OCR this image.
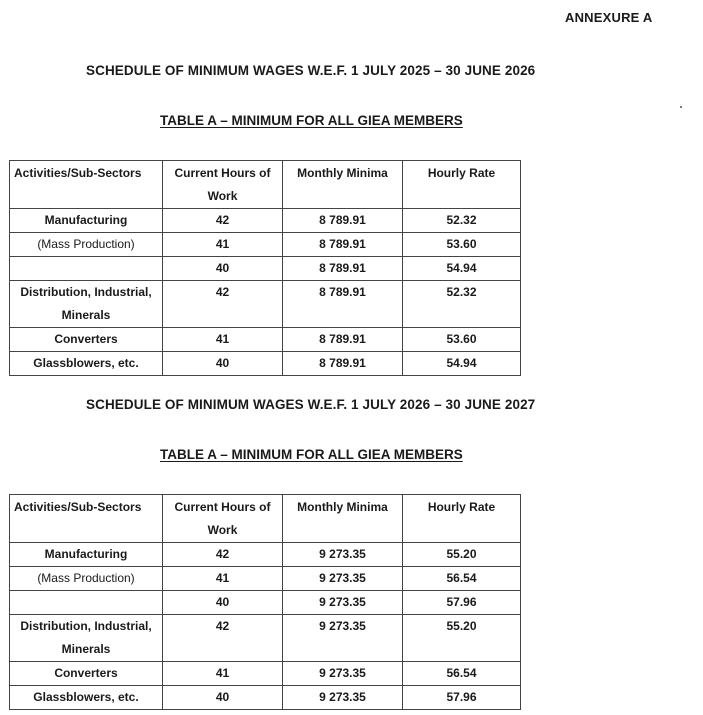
ANNEXURE A
SCHEDULE OF MINIMUM WAGES W.E.F. 1 JULY 2025 – 30 JUNE 2026
TABLE A – MINIMUM FOR ALL GIEA MEMBERS
Activities/Sub-Sectors	Current Hours of Work	Monthly Minima	Hourly Rate
Manufacturing	42	8 789.91	52.32
(Mass Production)	41	8 789.91	53.60
	40	8 789.91	54.94
Distribution, Industrial, Minerals	42	8 789.91	52.32
Converters	41	8 789.91	53.60
Glassblowers, etc.	40	8 789.91	54.94
SCHEDULE OF MINIMUM WAGES W.E.F. 1 JULY 2026 – 30 JUNE 2027
TABLE A – MINIMUM FOR ALL GIEA MEMBERS
Activities/Sub-Sectors	Current Hours of Work	Monthly Minima	Hourly Rate
Manufacturing	42	9 273.35	55.20
(Mass Production)	41	9 273.35	56.54
	40	9 273.35	57.96
Distribution, Industrial, Minerals	42	9 273.35	55.20
Converters	41	9 273.35	56.54
Glassblowers, etc.	40	9 273.35	57.96
